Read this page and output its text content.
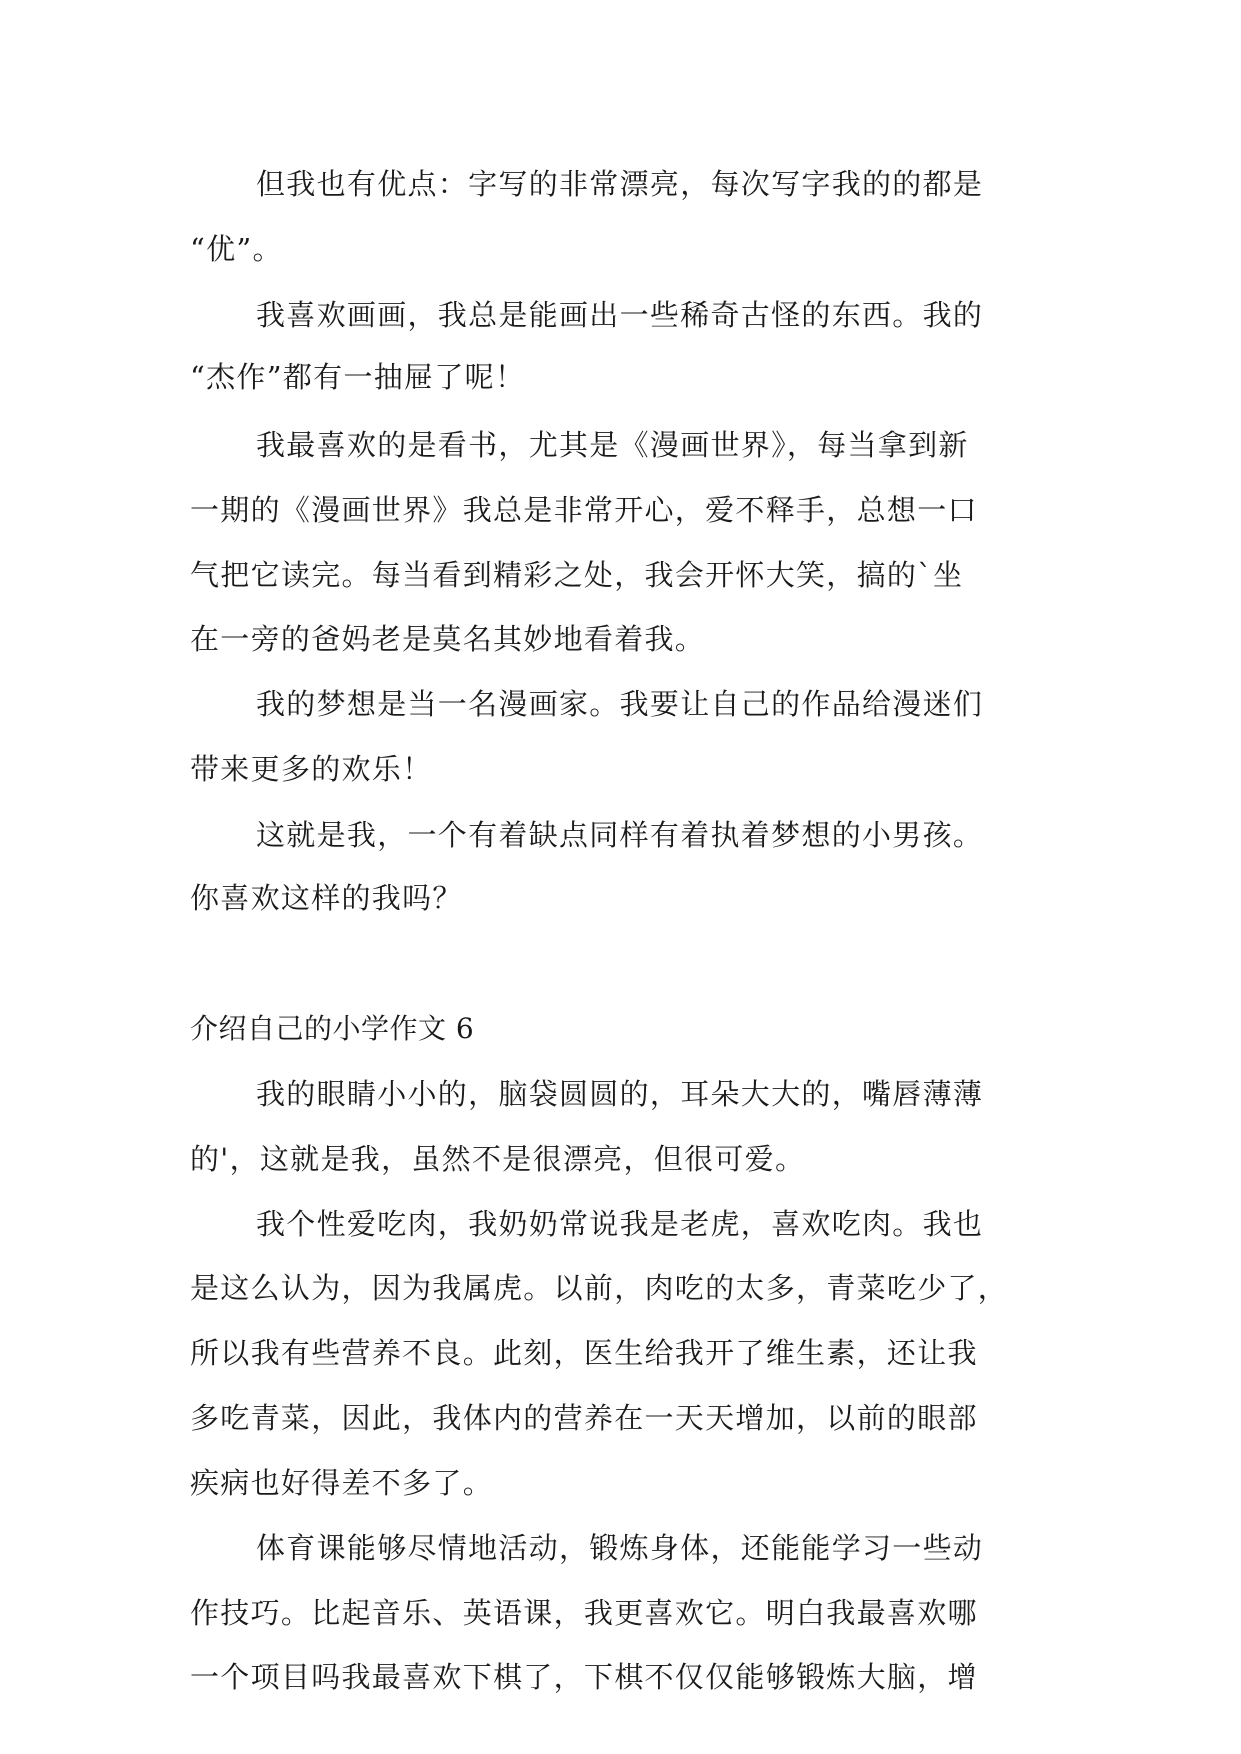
但我也有优点：字写的非常漂亮，每次写字我的的都是
“优”。
我喜欢画画，我总是能画出一些稀奇古怪的东西。我的
“杰作”都有一抽屉了呢！
我最喜欢的是看书，尤其是《漫画世界》，每当拿到新
一期的《漫画世界》我总是非常开心，爱不释手，总想一口
气把它读完。每当看到精彩之处，我会开怀大笑，搞的`坐
在一旁的爸妈老是莫名其妙地看着我。
我的梦想是当一名漫画家。我要让自己的作品给漫迷们
带来更多的欢乐！
这就是我，一个有着缺点同样有着执着梦想的小男孩。
你喜欢这样的我吗？
介绍自己的小学作文 6
我的眼睛小小的，脑袋圆圆的，耳朵大大的，嘴唇薄薄
的'，这就是我，虽然不是很漂亮，但很可爱。
我个性爱吃肉，我奶奶常说我是老虎，喜欢吃肉。我也
是这么认为，因为我属虎。以前，肉吃的太多，青菜吃少了，
所以我有些营养不良。此刻，医生给我开了维生素，还让我
多吃青菜，因此，我体内的营养在一天天增加，以前的眼部
疾病也好得差不多了。
体育课能够尽情地活动，锻炼身体，还能能学习一些动
作技巧。比起音乐、英语课，我更喜欢它。明白我最喜欢哪
一个项目吗我最喜欢下棋了，下棋不仅仅能够锻炼大脑，增
